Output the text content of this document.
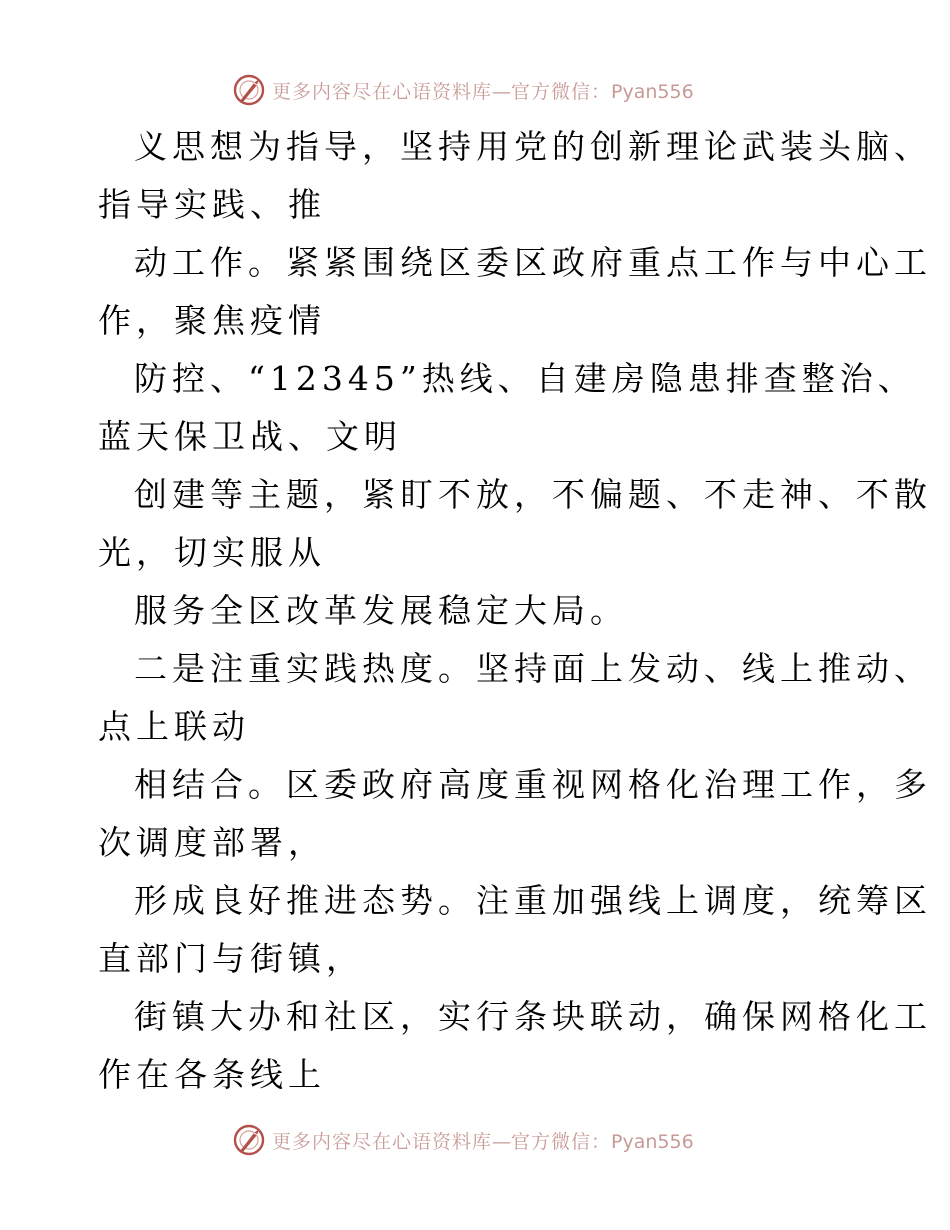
更多内容尽在心语资料库—官方微信：Pyan556
义思想为指导，坚持用党的创新理论武装头脑、
指导实践、推
动工作。紧紧围绕区委区政府重点工作与中心工
作，聚焦疫情
防控、“12345”热线、自建房隐患排查整治、
蓝天保卫战、文明
创建等主题，紧盯不放，不偏题、不走神、不散
光，切实服从
服务全区改革发展稳定大局。
二是注重实践热度。坚持面上发动、线上推动、
点上联动
相结合。区委政府高度重视网格化治理工作，多
次调度部署，
形成良好推进态势。注重加强线上调度，统筹区
直部门与街镇，
街镇大办和社区，实行条块联动，确保网格化工
作在各条线上
更多内容尽在心语资料库—官方微信：Pyan556
